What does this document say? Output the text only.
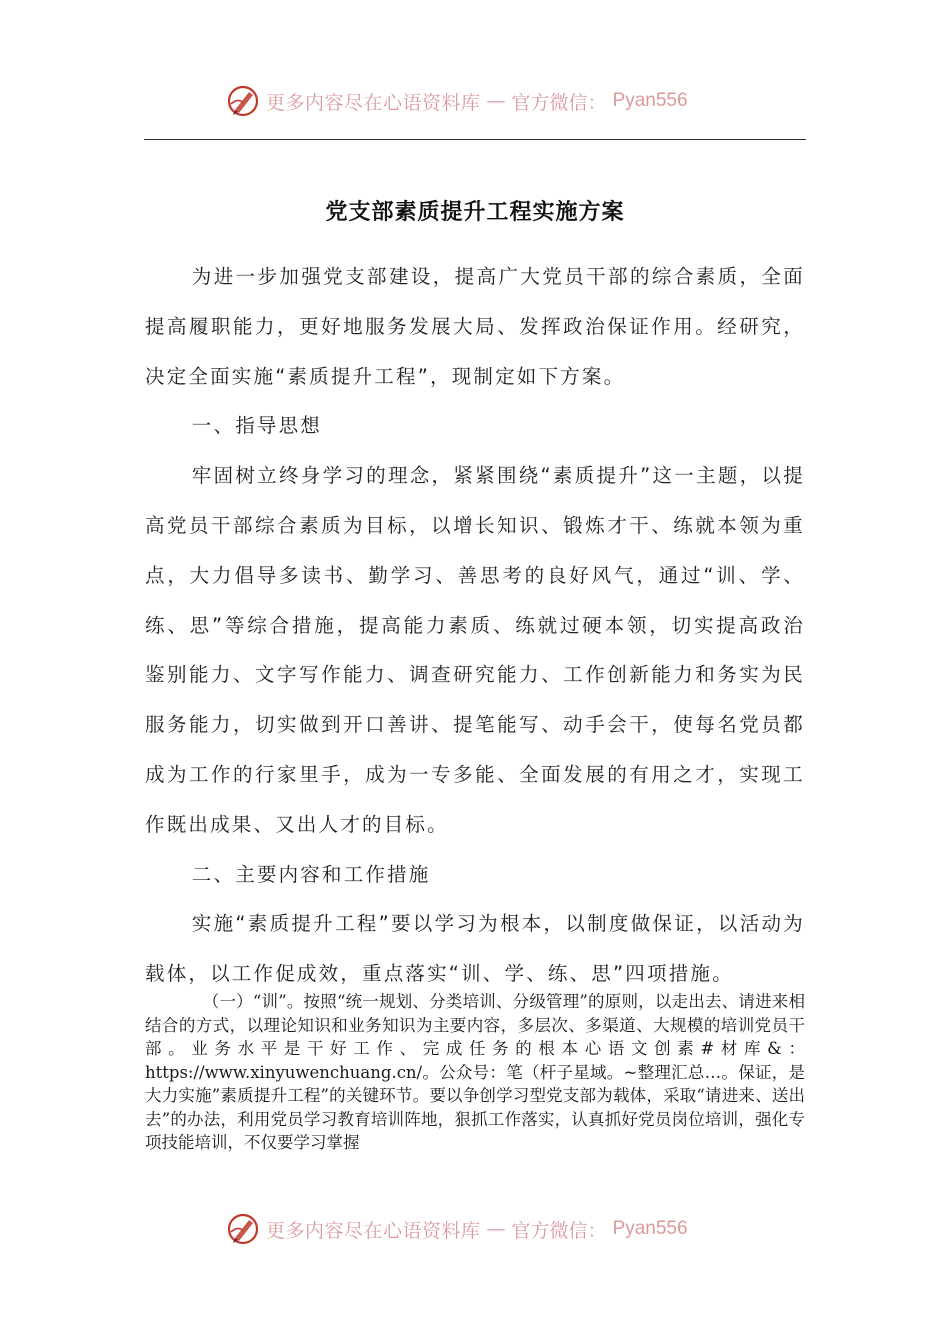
更多内容尽在心语资料库 — 官方微信： Pyan556
党支部素质提升工程实施方案

为进一步加强党支部建设，提高广大党员干部的综合素质，全面提高履职能力，更好地服务发展大局、发挥政治保证作用。经研究，决定全面实施“素质提升工程”，现制定如下方案。

一、指导思想

牢固树立终身学习的理念，紧紧围绕“素质提升”这一主题，以提高党员干部综合素质为目标，以增长知识、锻炼才干、练就本领为重点，大力倡导多读书、勤学习、善思考的良好风气，通过“训、学、练、思”等综合措施，提高能力素质、练就过硬本领，切实提高政治鉴别能力、文字写作能力、调查研究能力、工作创新能力和务实为民服务能力，切实做到开口善讲、提笔能写、动手会干，使每名党员都成为工作的行家里手，成为一专多能、全面发展的有用之才，实现工作既出成果、又出人才的目标。

二、主要内容和工作措施

实施“素质提升工程”要以学习为根本，以制度做保证，以活动为载体，以工作促成效，重点落实“训、学、练、思”四项措施。

（一）“训”。按照“统一规划、分类培训、分级管理”的原则，以走出去、请进来相结合的方式，以理论知识和业务知识为主要内容，多层次、多渠道、大规模的培训党员干部。业务水平是干好工作、完成任务的根本心语文创素#材库&：https://www.xinyuwenchuang.cn/。公众号：笔（杆子星域。~整理汇总…。保证，是大力实施”素质提升工程”的关键环节。要以争创学习型党支部为载体，采取“请进来、送出去”的办法，利用党员学习教育培训阵地，狠抓工作落实，认真抓好党员岗位培训，强化专项技能培训，不仅要学习掌握

更多内容尽在心语资料库 — 官方微信： Pyan556
